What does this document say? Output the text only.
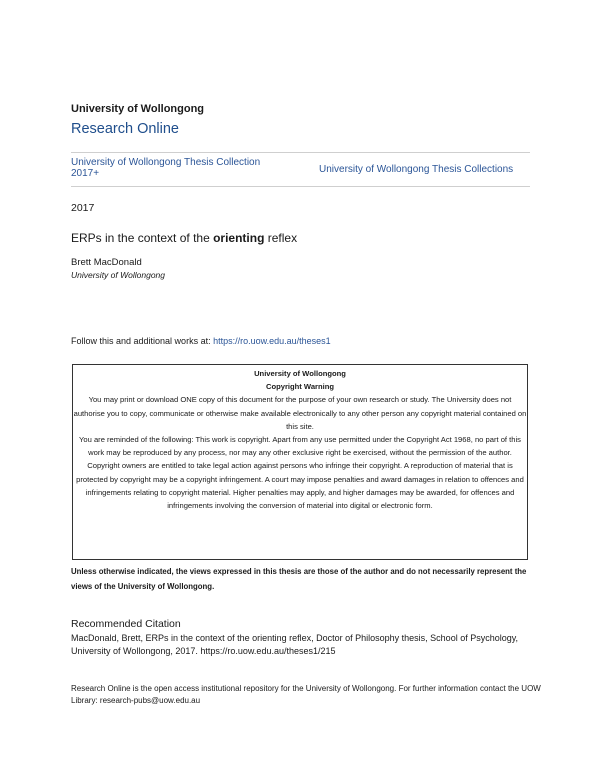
University of Wollongong
Research Online
University of Wollongong Thesis Collection 2017+	University of Wollongong Thesis Collections
2017
ERPs in the context of the orienting reflex
Brett MacDonald
University of Wollongong
Follow this and additional works at: https://ro.uow.edu.au/theses1

University of Wollongong

Copyright Warning

You may print or download ONE copy of this document for the purpose of your own research or study. The University does not authorise you to copy, communicate or otherwise make available electronically to any other person any copyright material contained on this site.

You are reminded of the following: This work is copyright. Apart from any use permitted under the Copyright Act 1968, no part of this work may be reproduced by any process, nor may any other exclusive right be exercised, without the permission of the author. Copyright owners are entitled to take legal action against persons who infringe their copyright. A reproduction of material that is protected by copyright may be a copyright infringement. A court may impose penalties and award damages in relation to offences and infringements relating to copyright material. Higher penalties may apply, and higher damages may be awarded, for offences and infringements involving the conversion of material into digital or electronic form.

Unless otherwise indicated, the views expressed in this thesis are those of the author and do not necessarily represent the views of the University of Wollongong.
Recommended Citation
MacDonald, Brett, ERPs in the context of the orienting reflex, Doctor of Philosophy thesis, School of Psychology, University of Wollongong, 2017. https://ro.uow.edu.au/theses1/215
Research Online is the open access institutional repository for the University of Wollongong. For further information contact the UOW Library: research-pubs@uow.edu.au
